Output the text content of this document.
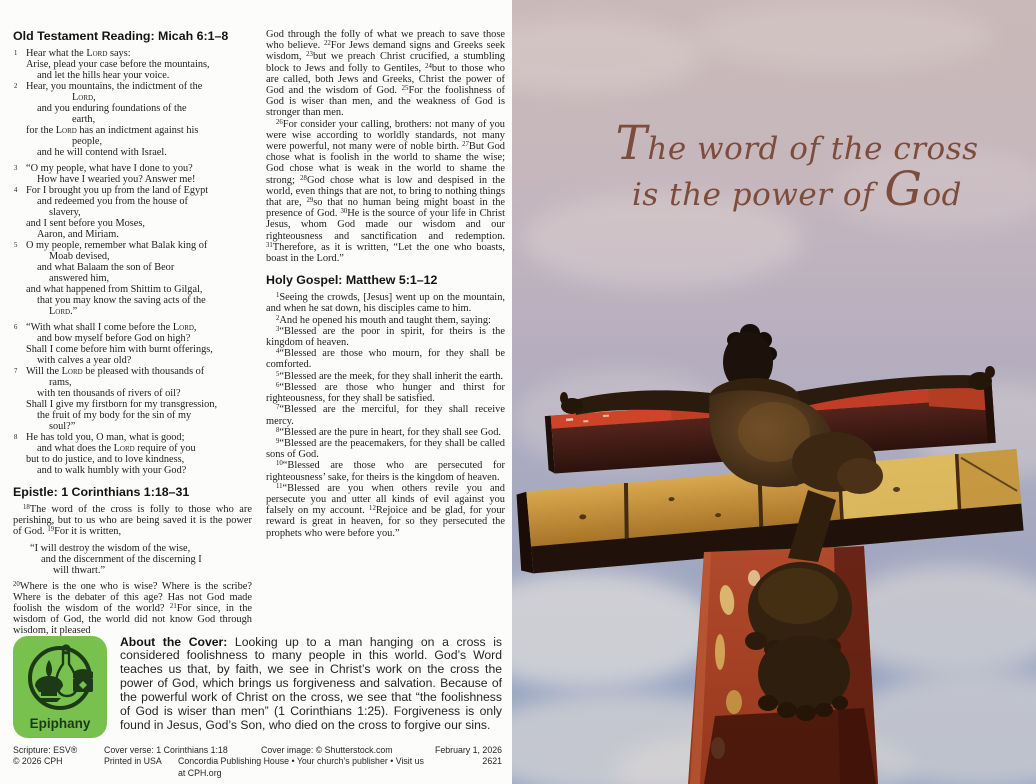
Old Testament Reading: Micah 6:1–8
1 Hear what the Lord says:
Arise, plead your case before the mountains,
and let the hills hear your voice.
2 Hear, you mountains, the indictment of the
Lord,
and you enduring foundations of the
earth,
for the Lord has an indictment against his
people,
and he will contend with Israel.
3 “O my people, what have I done to you?
How have I wearied you? Answer me!
4 For I brought you up from the land of Egypt
and redeemed you from the house of
slavery,
and I sent before you Moses,
Aaron, and Miriam.
5 O my people, remember what Balak king of
Moab devised,
and what Balaam the son of Beor
answered him,
and what happened from Shittim to Gilgal,
that you may know the saving acts of the
Lord.”
6 “With what shall I come before the Lord,
and bow myself before God on high?
Shall I come before him with burnt offerings,
with calves a year old?
7 Will the Lord be pleased with thousands of
rams,
with ten thousands of rivers of oil?
Shall I give my firstborn for my transgression,
the fruit of my body for the sin of my
soul?”
8 He has told you, O man, what is good;
and what does the Lord require of you
but to do justice, and to love kindness,
and to walk humbly with your God?
Epistle: 1 Corinthians 1:18–31

$^{18}$The word of the cross is folly to those who are perishing, but to us who are being saved it is the power of God. $^{19}$For it is written,

“I will destroy the wisdom of the wise,
and the discernment of the discerning I
will thwart.”

$^{20}$Where is the one who is wise? Where is the scribe? Where is the debater of this age? Has not God made foolish the wisdom of the world? $^{21}$For since, in the wisdom of God, the world did not know God through wisdom, it pleased

God through the folly of what we preach to save those who believe. $^{22}$For Jews demand signs and Greeks seek wisdom, $^{23}$but we preach Christ crucified, a stumbling block to Jews and folly to Gentiles, $^{24}$but to those who are called, both Jews and Greeks, Christ the power of God and the wisdom of God. $^{25}$For the foolishness of God is wiser than men, and the weakness of God is stronger than men.

$^{26}$For consider your calling, brothers: not many of you were wise according to worldly standards, not many were powerful, not many were of noble birth. $^{27}$But God chose what is foolish in the world to shame the wise; God chose what is weak in the world to shame the strong; $^{28}$God chose what is low and despised in the world, even things that are not, to bring to nothing things that are, $^{29}$so that no human being might boast in the presence of God. $^{30}$He is the source of your life in Christ Jesus, whom God made our wisdom and our righteousness and sanctification and redemption. $^{31}$Therefore, as it is written, “Let the one who boasts, boast in the Lord.”

Holy Gospel: Matthew 5:1–12

$^1$Seeing the crowds, [Jesus] went up on the mountain, and when he sat down, his disciples came to him.

$^2$And he opened his mouth and taught them, saying:

$^3$“Blessed are the poor in spirit, for theirs is the kingdom of heaven.

$^4$“Blessed are those who mourn, for they shall be comforted.

$^5$“Blessed are the meek, for they shall inherit the earth.

$^6$“Blessed are those who hunger and thirst for righteousness, for they shall be satisfied.

$^7$“Blessed are the merciful, for they shall receive mercy.

$^8$“Blessed are the pure in heart, for they shall see God.

$^9$“Blessed are the peacemakers, for they shall be called sons of God.

$^{10}$“Blessed are those who are persecuted for righteousness’ sake, for theirs is the kingdom of heaven.

$^{11}$“Blessed are you when others revile you and persecute you and utter all kinds of evil against you falsely on my account. $^{12}$Rejoice and be glad, for your reward is great in heaven, for so they persecuted the prophets who were before you.”

Epiphany
About the Cover: Looking up to a man hanging on a cross is considered foolishness to many people in this world. God’s Word teaches us that, by faith, we see in Christ’s work on the cross the power of God, which brings us forgiveness and salvation. Because of the powerful work of Christ on the cross, we see that “the foolishness of God is wiser than men” (1 Corinthians 1:25). Forgiveness is only found in Jesus, God’s Son, who died on the cross to forgive our sins.
Scripture: ESV®	Cover verse: 1 Corinthians 1:18	Cover image: © Shutterstock.com	February 1, 2026
© 2026 CPH	Printed in USA	Concordia Publishing House • Your church’s publisher • Visit us at CPH.org
2621
The word of the cross
is the power of God
